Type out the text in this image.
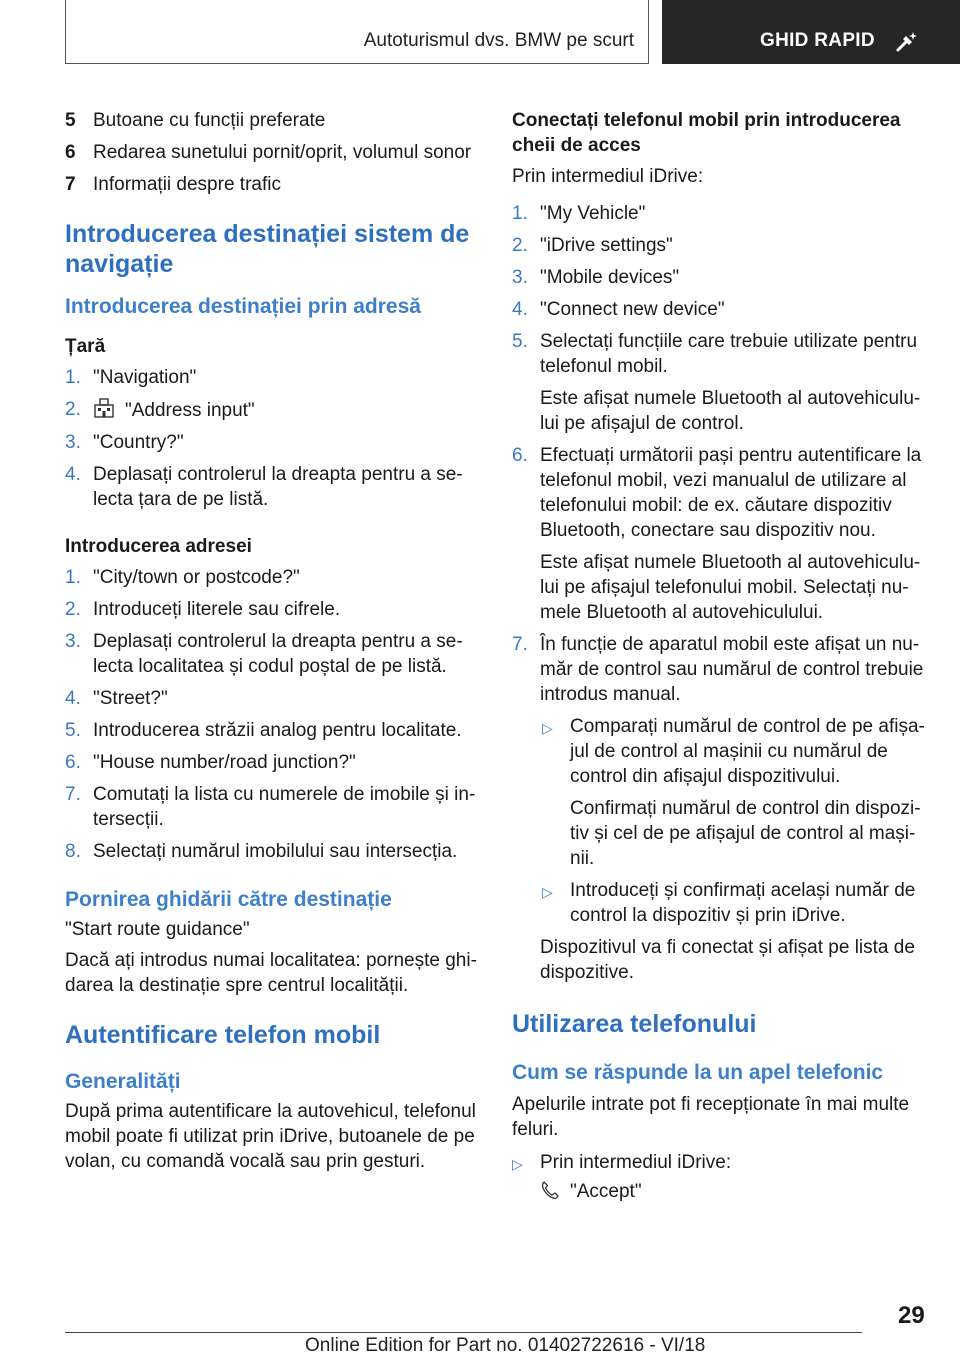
Autoturismul dvs. BMW pe scurt	GHID RAPID
5 Butoane cu funcții preferate
6 Redarea sunetului pornit/oprit, volumul sonor
7 Informații despre trafic
Introducerea destinației sistem de navigație
Introducerea destinației prin adresă
Țară
1. "Navigation"
2.	"Address input"
3. "Country?"
4. Deplasați controlerul la dreapta pentru a se-lecta țara de pe listă.
Introducerea adresei
1. "City/town or postcode?"
2. Introduceți literele sau cifrele.
3. Deplasați controlerul la dreapta pentru a se-lecta localitatea și codul poștal de pe listă.
4. "Street?"
5. Introducerea străzii analog pentru localitate.
6. "House number/road junction?"
7. Comutați la lista cu numerele de imobile și in-tersecții.
8. Selectați numărul imobilului sau intersecția.
Pornirea ghidării către destinație
"Start route guidance"
Dacă ați introdus numai localitatea: pornește ghi-darea la destinație spre centrul localității.
Autentificare telefon mobil
Generalități
După prima autentificare la autovehicul, telefonul mobil poate fi utilizat prin iDrive, butoanele de pe volan, cu comandă vocală sau prin gesturi.
Conectați telefonul mobil prin introducerea cheii de acces
Prin intermediul iDrive:
1. "My Vehicle"
2. "iDrive settings"
3. "Mobile devices"
4. "Connect new device"
5. Selectați funcțiile care trebuie utilizate pentru telefonul mobil.
Este afișat numele Bluetooth al autovehiculu-lui pe afișajul de control.
6. Efectuați următorii pași pentru autentificare la telefonul mobil, vezi manualul de utilizare al telefonului mobil: de ex. căutare dispozitiv Bluetooth, conectare sau dispozitiv nou.
Este afișat numele Bluetooth al autovehiculu-lui pe afișajul telefonului mobil. Selectați nu-mele Bluetooth al autovehiculului.
7. În funcție de aparatul mobil este afișat un nu-măr de control sau numărul de control trebuie introdus manual.
▷ Comparați numărul de control de pe afișa-jul de control al mașinii cu numărul de control din afișajul dispozitivului.
Confirmați numărul de control din dispozi-tiv și cel de pe afișajul de control al mași-nii.
▷ Introduceți și confirmați același număr de control la dispozitiv și prin iDrive.
Dispozitivul va fi conectat și afișat pe lista de dispozitive.
Utilizarea telefonului
Cum se răspunde la un apel telefonic
Apelurile intrate pot fi recepționate în mai multe feluri.
▷ Prin intermediul iDrive:
"Accept"
29
Online Edition for Part no. 01402722616 - VI/18
